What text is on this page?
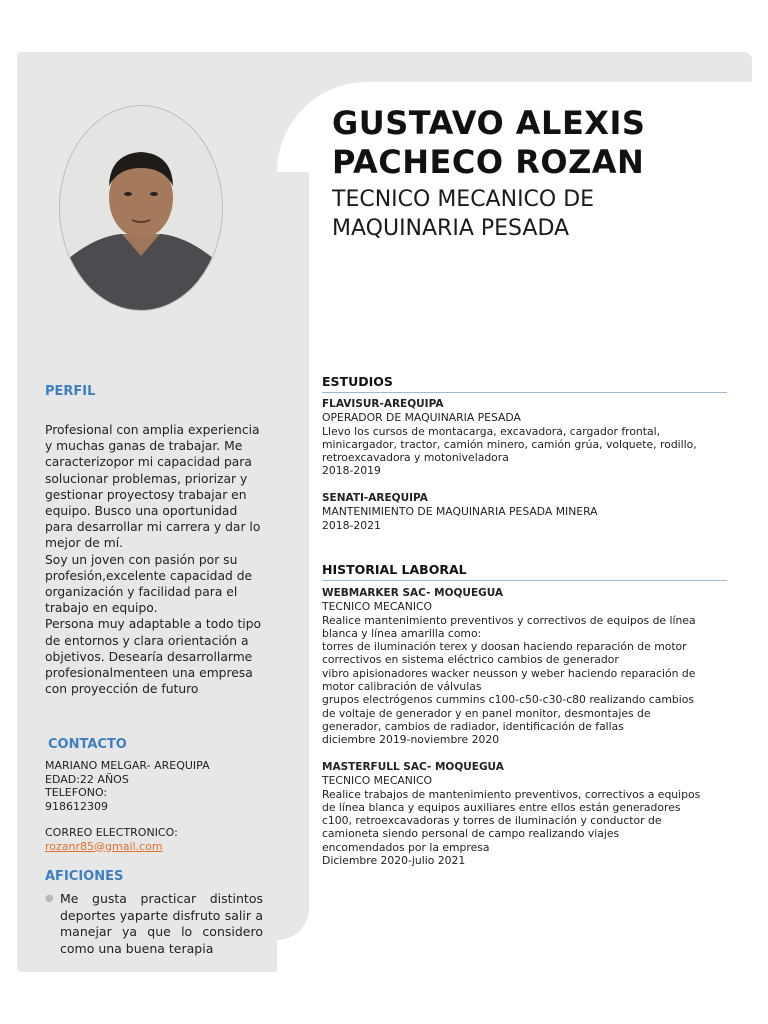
GUSTAVO ALEXIS
PACHECO ROZAN
TECNICO MECANICO DE
MAQUINARIA PESADA
PERFIL

Profesional con amplia experiencia y muchas ganas de trabajar. Me caracterizopor mi capacidad para solucionar problemas, priorizar y gestionar proyectosy trabajar en equipo. Busco una oportunidad para desarrollar mi carrera y dar lo mejor de mí.

Soy un joven con pasión por su profesión,excelente capacidad de organización y facilidad para el trabajo en equipo.

Persona muy adaptable a todo tipo de entornos y clara orientación a objetivos. Desearía desarrollarme profesionalmenteen una empresa con proyección de futuro

CONTACTO
MARIANO MELGAR- AREQUIPA
EDAD:22 AÑOS
TELEFONO:
918612309
CORREO ELECTRONICO:
rozanr85@gmail.com
AFICIONES
● Me gusta practicar distintos deportes yaparte disfruto salir a manejar ya que lo considero como una buena terapia
ESTUDIOS
FLAVISUR-AREQUIPA
OPERADOR DE MAQUINARIA PESADA
Llevo los cursos de montacarga, excavadora, cargador frontal, minicargador, tractor, camión minero, camión grúa, volquete, rodillo, retroexcavadora y motoniveladora
2018-2019
SENATI-AREQUIPA
MANTENIMIENTO DE MAQUINARIA PESADA MINERA
2018-2021
HISTORIAL LABORAL
WEBMARKER SAC- MOQUEGUA
TECNICO MECANICO
Realice mantenimiento preventivos y correctivos de equipos de línea
blanca y línea amarilla como:
torres de iluminación terex y doosan haciendo reparación de motor
correctivos en sistema eléctrico cambios de generador
vibro apisionadores wacker neusson y weber haciendo reparación de
motor calibración de válvulas
grupos electrógenos cummins c100-c50-c30-c80 realizando cambios
de voltaje de generador y en panel monitor, desmontajes de
generador, cambios de radiador, identificación de fallas
diciembre 2019-noviembre 2020
MASTERFULL SAC- MOQUEGUA
TECNICO MECANICO
Realice trabajos de mantenimiento preventivos, correctivos a equipos
de línea blanca y equipos auxiliares entre ellos están generadores
c100, retroexcavadoras y torres de iluminación y conductor de
camioneta siendo personal de campo realizando viajes
encomendados por la empresa
Diciembre 2020-julio 2021
